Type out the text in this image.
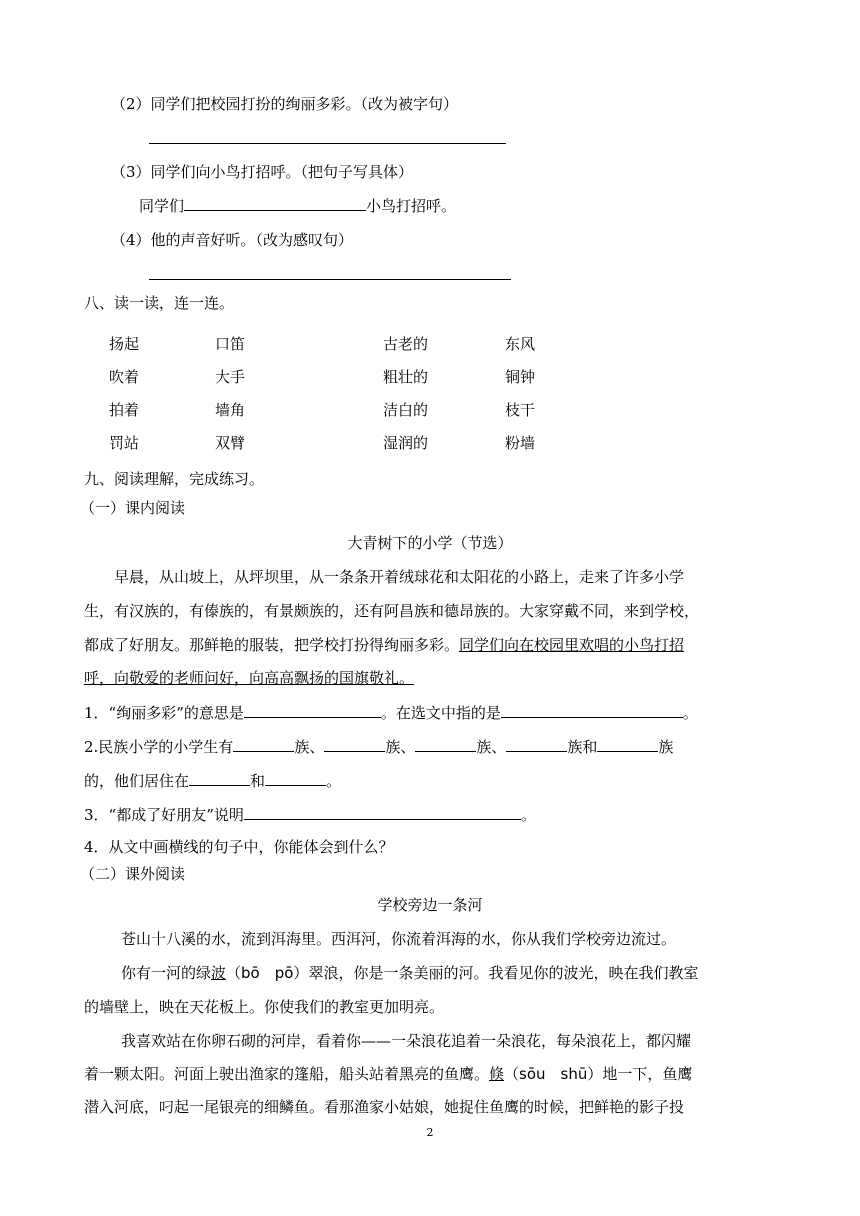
（2）同学们把校园打扮的绚丽多彩。（改为被字句）
（3）同学们向小鸟打招呼。（把句子写具体）
同学们	小鸟打招呼。
（4）他的声音好听。（改为感叹句）
八、读一读，连一连。
扬起	口笛	古老的	东风
吹着	大手	粗壮的	铜钟
拍着	墙角	洁白的	枝干
罚站	双臂	湿润的	粉墙
九、阅读理解，完成练习。
（一）课内阅读
大青树下的小学（节选）
早晨，从山坡上，从坪坝里，从一条条开着绒球花和太阳花的小路上，走来了许多小学
生，有汉族的，有傣族的，有景颇族的，还有阿昌族和德昂族的。大家穿戴不同，来到学校，
都成了好朋友。那鲜艳的服装，把学校打扮得绚丽多彩。同学们向在校园里欢唱的小鸟打招
呼，向敬爱的老师问好，向高高飘扬的国旗敬礼。
1．“绚丽多彩”的意思是	。在选文中指的是	。
2.民族小学的小学生有	族、	族、	族、	族和	族
的，他们居住在	和	。
3．“都成了好朋友”说明	。
4．从文中画横线的句子中，你能体会到什么？
（二）课外阅读
学校旁边一条河
苍山十八溪的水，流到洱海里。西洱河，你流着洱海的水，你从我们学校旁边流过。
你有一河的绿波（bō　pō）翠浪，你是一条美丽的河。我看见你的波光，映在我们教室
的墙壁上，映在天花板上。你使我们的教室更加明亮。
我喜欢站在你卵石砌的河岸，看着你——一朵浪花追着一朵浪花，每朵浪花上，都闪耀
着一颗太阳。河面上驶出渔家的篷船，船头站着黑亮的鱼鹰。倏（sōu　shū）地一下，鱼鹰
潜入河底，叼起一尾银亮的细鳞鱼。看那渔家小姑娘，她捉住鱼鹰的时候，把鲜艳的影子投
2
